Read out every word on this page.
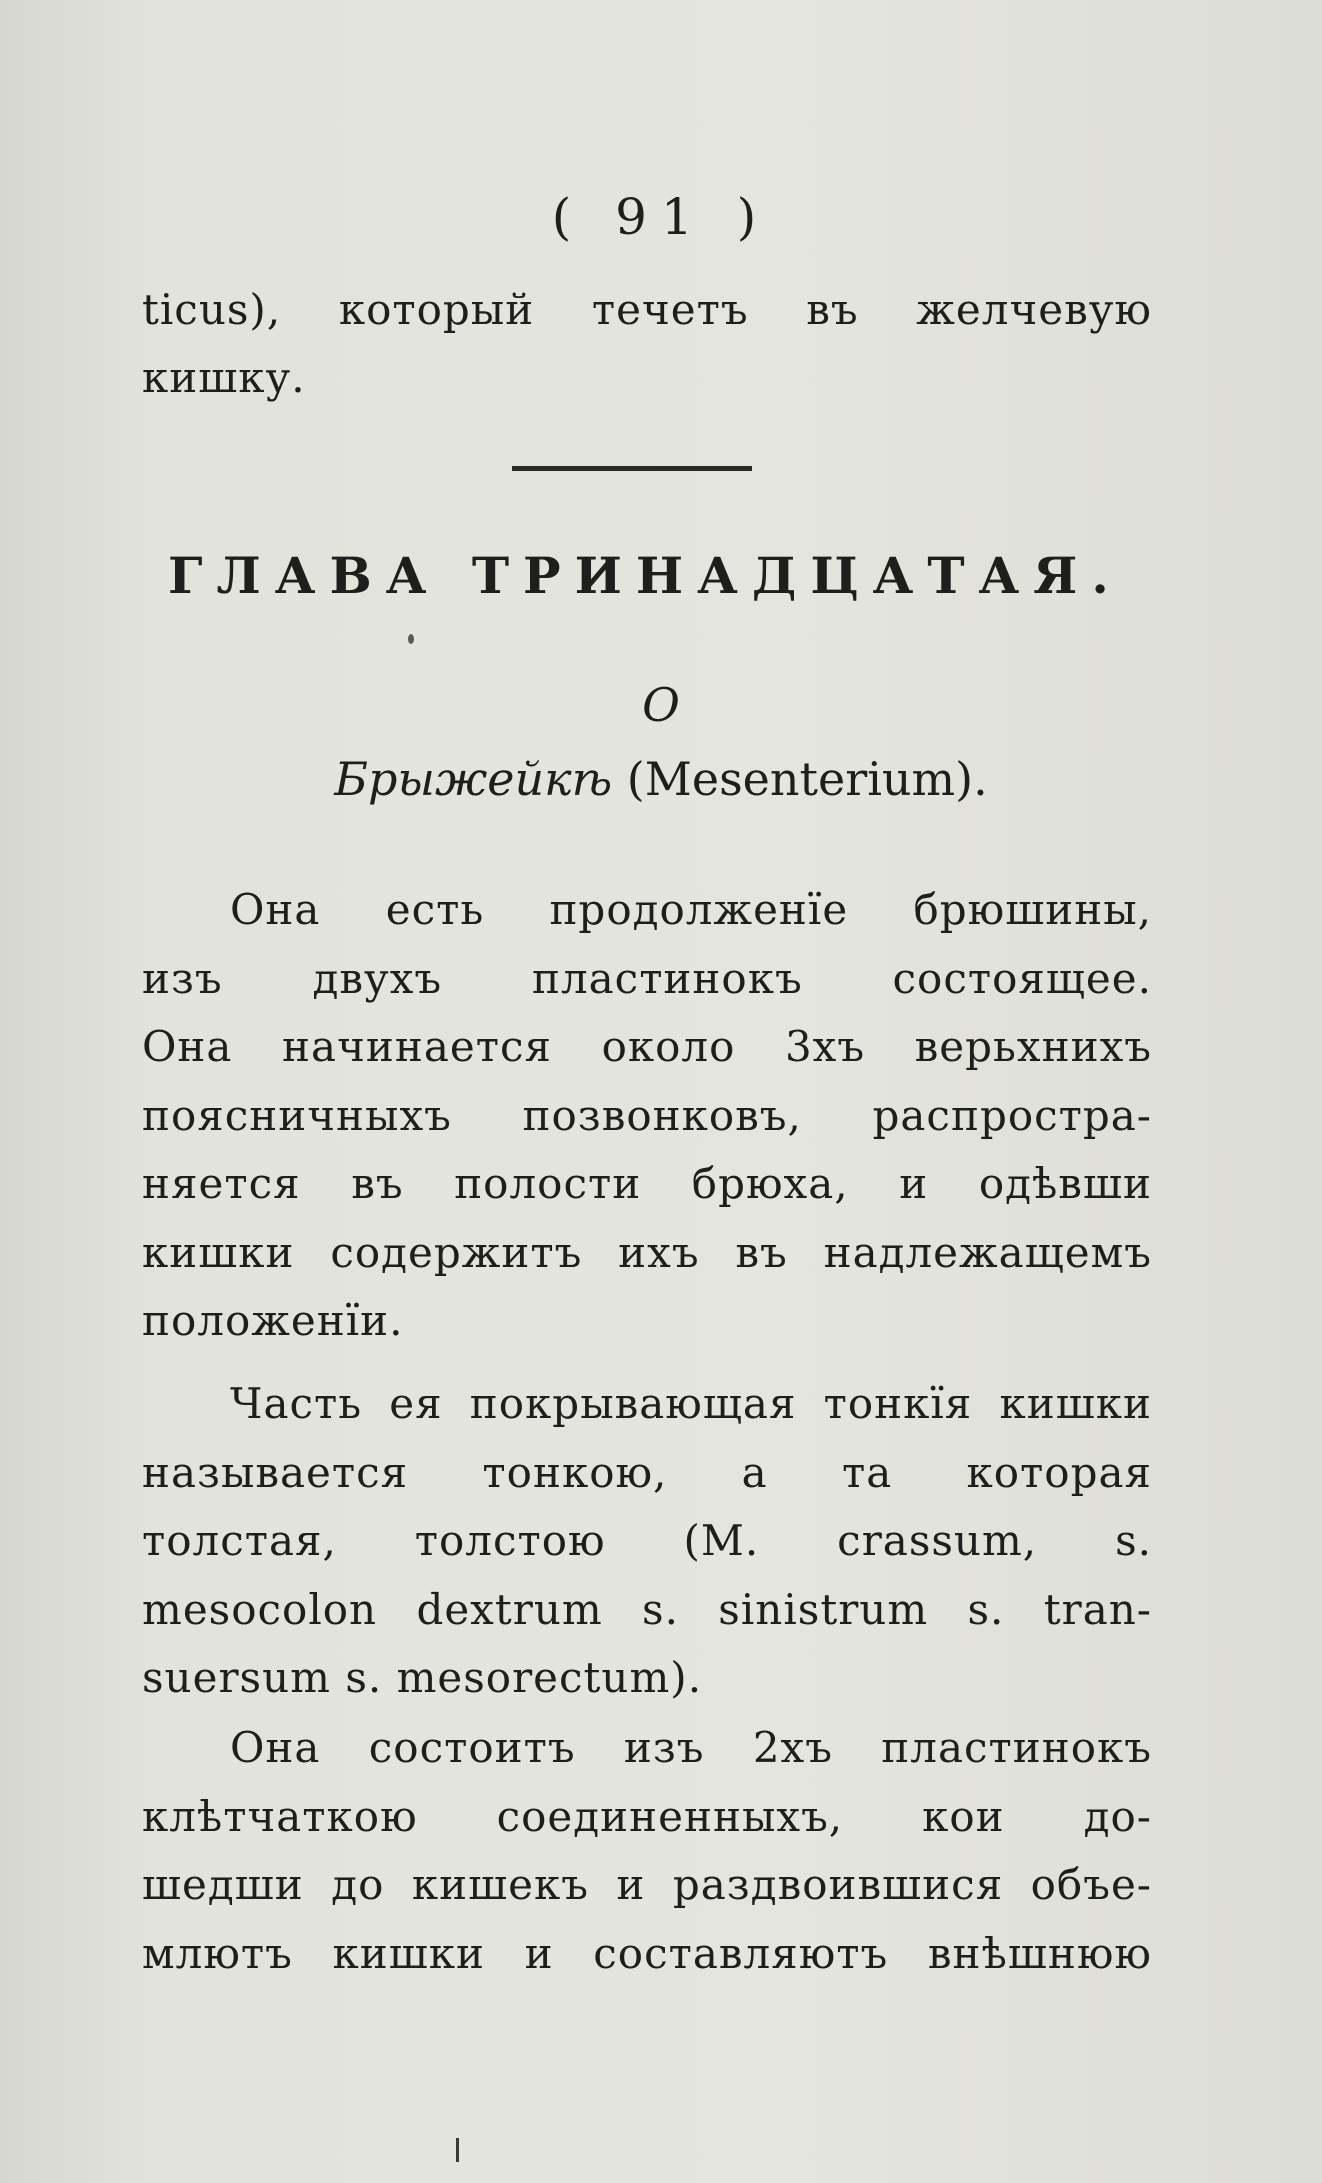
( 91 )
ticus), который течетъ въ желчевую
кишку.
ГЛАВА ТРИНАДЦАТАЯ.
О
Брыжейкѣ (Mesenterium).
Она есть продолженїе брюшины,
изъ двухъ пластинокъ состоящее.
Она начинается около 3хъ верьхнихъ
поясничныхъ позвонковъ, распростра-
няется въ полости брюха, и одѣвши
кишки содержитъ ихъ въ надлежащемъ
положенїи.
Часть ея покрывающая тонкїя кишки
называется тонкою, а та которая
толстая, толстою (M. crassum, s.
mesocolon dextrum s. sinistrum s. tran-
suersum s. mesorectum).
Она состоитъ изъ 2хъ пластинокъ
клѣтчаткою соединенныхъ, кои до-
шедши до кишекъ и раздвоившися объе-
млютъ кишки и составляютъ внѣшнюю
